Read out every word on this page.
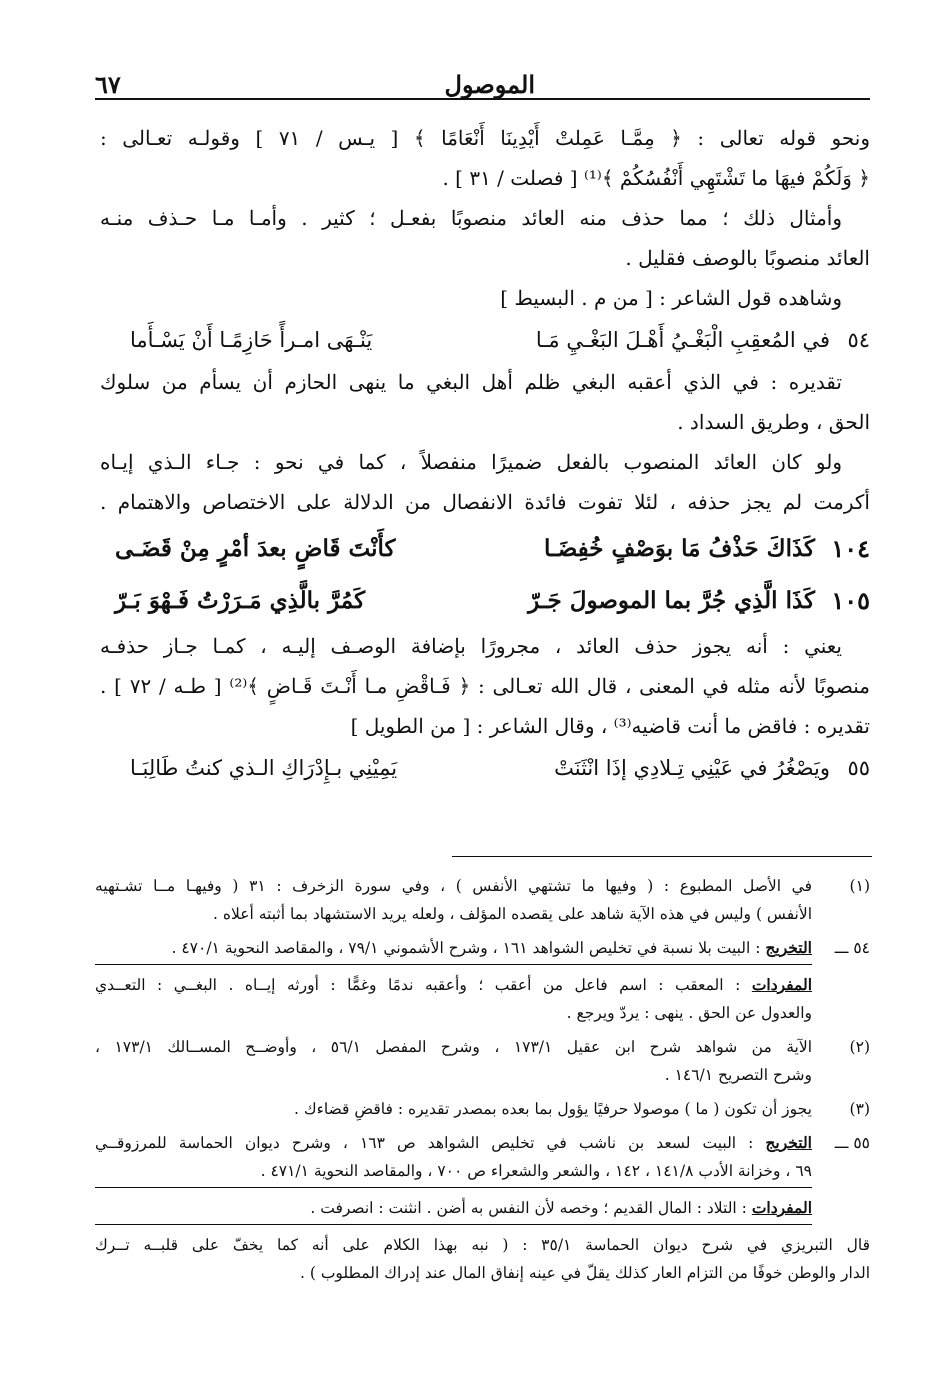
الموصول
٦٧
ونحو قوله تعالى : ﴿ مِمَّـا عَمِلتْ أَيْدِينَا أَنْعَامًا ﴾ [ يـس / ٧١ ] وقولـه تعـالى :
﴿ وَلَكُمْ فيهَا ما تَشْتَهِي أَنْفُسُكُمْ ﴾⁽¹⁾ [ فصلت / ٣١ ] .
وأمثال ذلك ؛ مما حذف منه العائد منصوبًا بفعـل ؛ كثير . وأمـا مـا حـذف منـه
العائد منصوبًا بالوصف فقليل .
وشاهده قول الشاعر : [ من م . البسيط ]
٥٤
في المُعقِبِ الْبَغْـيُ أَهْـلَ البَغْـيِ مَـا
يَنْـهَى امـرأً حَازِمًـا أَنْ يَسْـأَما
تقديره : في الذي أعقبه البغي ظلم أهل البغي ما ينهى الحازم أن يسأم من سلوك
الحق ، وطريق السداد .
ولو كان العائد المنصوب بالفعل ضميرًا منفصلاً ، كما في نحو : جـاء الـذي إيـاه
أكرمت لم يجز حذفه ، لئلا تفوت فائدة الانفصال من الدلالة على الاختصاص والاهتمام .
١٠٤
كَذَاكَ حَذْفُ مَا بوَصْفٍ خُفِضَـا
كأَنْتَ قَاضٍ بعدَ أمْرٍ مِنْ قَضَـى
١٠٥
كَذَا الَّذِي جُرَّ بما الموصولَ جَـرّ
كَمُرَّ بالَّذِي مَـرَرْتُ فَـهْوَ بَـرّ
يعني : أنه يجوز حذف العائد ، مجرورًا بإضافة الوصـف إليـه ، كمـا جـاز حذفـه
منصوبًا لأنه مثله في المعنى ، قال الله تعـالى : ﴿ فَـاقْضِ مـا أَنْـتَ قَـاضٍ ﴾⁽²⁾ [ طـه / ٧٢ ] .
تقديره : فاقض ما أنت قاضيه⁽³⁾ ، وقال الشاعر : [ من الطويل ]
٥٥
ويَصْغُرُ في عَيْنِي تِـلادِي إذَا انْثَنَتْ
يَمِيْنِي بـإِدْرَاكِ الـذي كنتُ طَالِبَـا
(١)
في الأصل المطبوع : ( وفيها ما تشتهي الأنفس ) ، وفي سورة الزخرف : ٣١ ( وفيهـا مــا تشـتهيه
الأنفس ) وليس في هذه الآية شاهد على يقصده المؤلف ، ولعله يريد الاستشهاد بما أثبته أعلاه .
٥٤ ـــ
التخريج : البيت بلا نسبة في تخليص الشواهد ١٦١ ، وشرح الأشموني ٧٩/١ ، والمقاصد النحوية ٤٧٠/١ .
المفردات : المعقب : اسم فاعل من أعقب ؛ وأعقبه ندمًا وغمًّا : أورثه إيــاه . البغــي : التعــدي
والعدول عن الحق . ينهى : يردّ ويرجع .
(٢)
الآية من شواهد شرح ابن عقيل ١٧٣/١ ، وشرح المفصل ٥٦/١ ، وأوضــح المســالك ١٧٣/١ ،
وشرح التصريح ١٤٦/١ .
(٣)
يجوز أن تكون ( ما ) موصولا حرفيًا يؤول بما بعده بمصدر تقديره : فاقضِ قضاءك .
٥٥ ـــ
التخريج : البيت لسعد بن ناشب في تخليص الشواهد ص ١٦٣ ، وشرح ديوان الحماسة للمرزوقــي
٦٩ ، وخزانة الأدب ١٤١/٨ ، ١٤٢ ، والشعر والشعراء ص ٧٠٠ ، والمقاصد النحوية ٤٧١/١ .
المفردات : التلاد : المال القديم ؛ وخصه لأن النفس به أضن . انثنت : انصرفت .
قال التبريزي في شرح ديوان الحماسة ٣٥/١ : ( نبه بهذا الكلام على أنه كما يخفّ على قلبــه تــرك
الدار والوطن خوفًا من التزام العار كذلك يقلّ في عينه إنفاق المال عند إدراك المطلوب ) .
